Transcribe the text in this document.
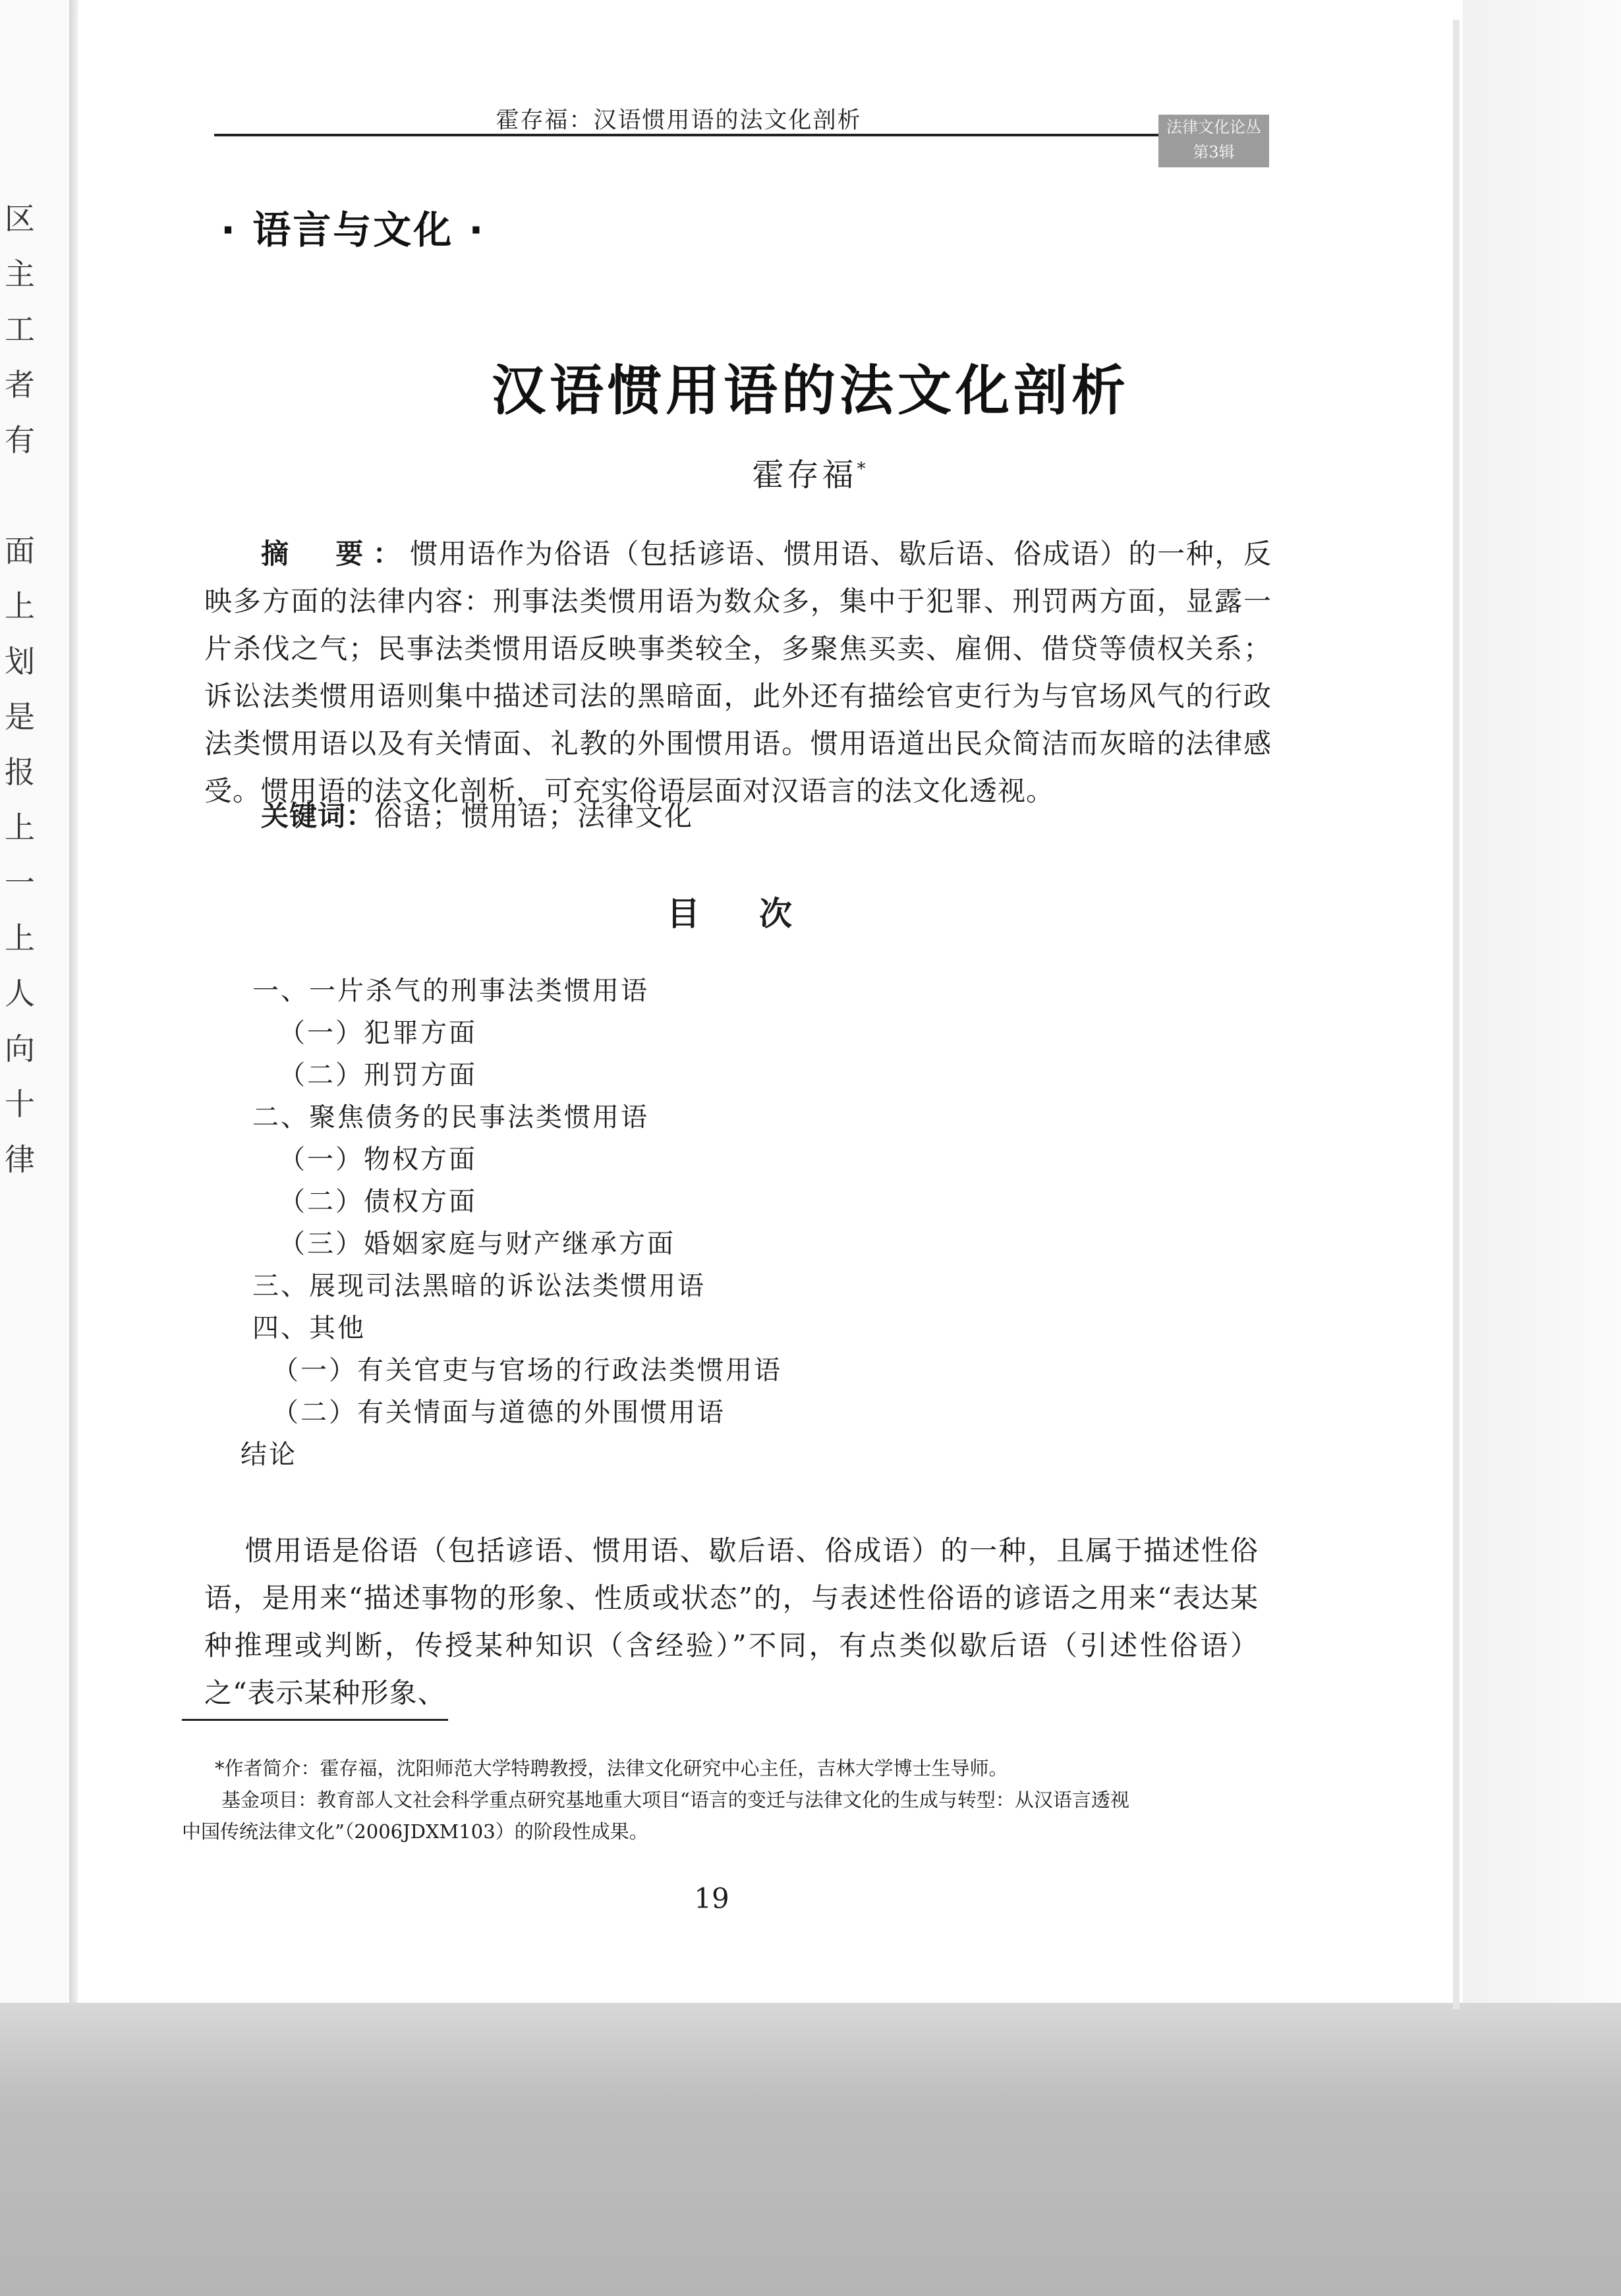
区
主
工
者
有

面
上
划
是
报
上
一
上
人
向
十
律
霍存福：汉语惯用语的法文化剖析	法律文化论丛
第3辑
· 语言与文化 ·
汉语惯用语的法文化剖析
霍存福*

摘　要：惯用语作为俗语（包括谚语、惯用语、歇后语、俗成语）的一种，反映多方面的法律内容：刑事法类惯用语为数众多，集中于犯罪、刑罚两方面，显露一片杀伐之气；民事法类惯用语反映事类较全，多聚焦买卖、雇佣、借贷等债权关系；诉讼法类惯用语则集中描述司法的黑暗面，此外还有描绘官吏行为与官场风气的行政法类惯用语以及有关情面、礼教的外围惯用语。惯用语道出民众简洁而灰暗的法律感受。惯用语的法文化剖析，可充实俗语层面对汉语言的法文化透视。

关键词：俗语；惯用语；法律文化
目次
一、一片杀气的刑事法类惯用语
（一）犯罪方面
（二）刑罚方面
二、聚焦债务的民事法类惯用语
（一）物权方面
（二）债权方面
（三）婚姻家庭与财产继承方面
三、展现司法黑暗的诉讼法类惯用语
四、其他
（一）有关官吏与官场的行政法类惯用语
（二）有关情面与道德的外围惯用语
结论

惯用语是俗语（包括谚语、惯用语、歇后语、俗成语）的一种，且属于描述性俗语，是用来“描述事物的形象、性质或状态”的，与表述性俗语的谚语之用来“表达某种推理或判断，传授某种知识（含经验）”不同，有点类似歇后语（引述性俗语）之“表示某种形象、

*作者简介：霍存福，沈阳师范大学特聘教授，法律文化研究中心主任，吉林大学博士生导师。

基金项目：教育部人文社会科学重点研究基地重大项目“语言的变迁与法律文化的生成与转型：从汉语言透视

中国传统法律文化”（2006JDXM103）的阶段性成果。

19
